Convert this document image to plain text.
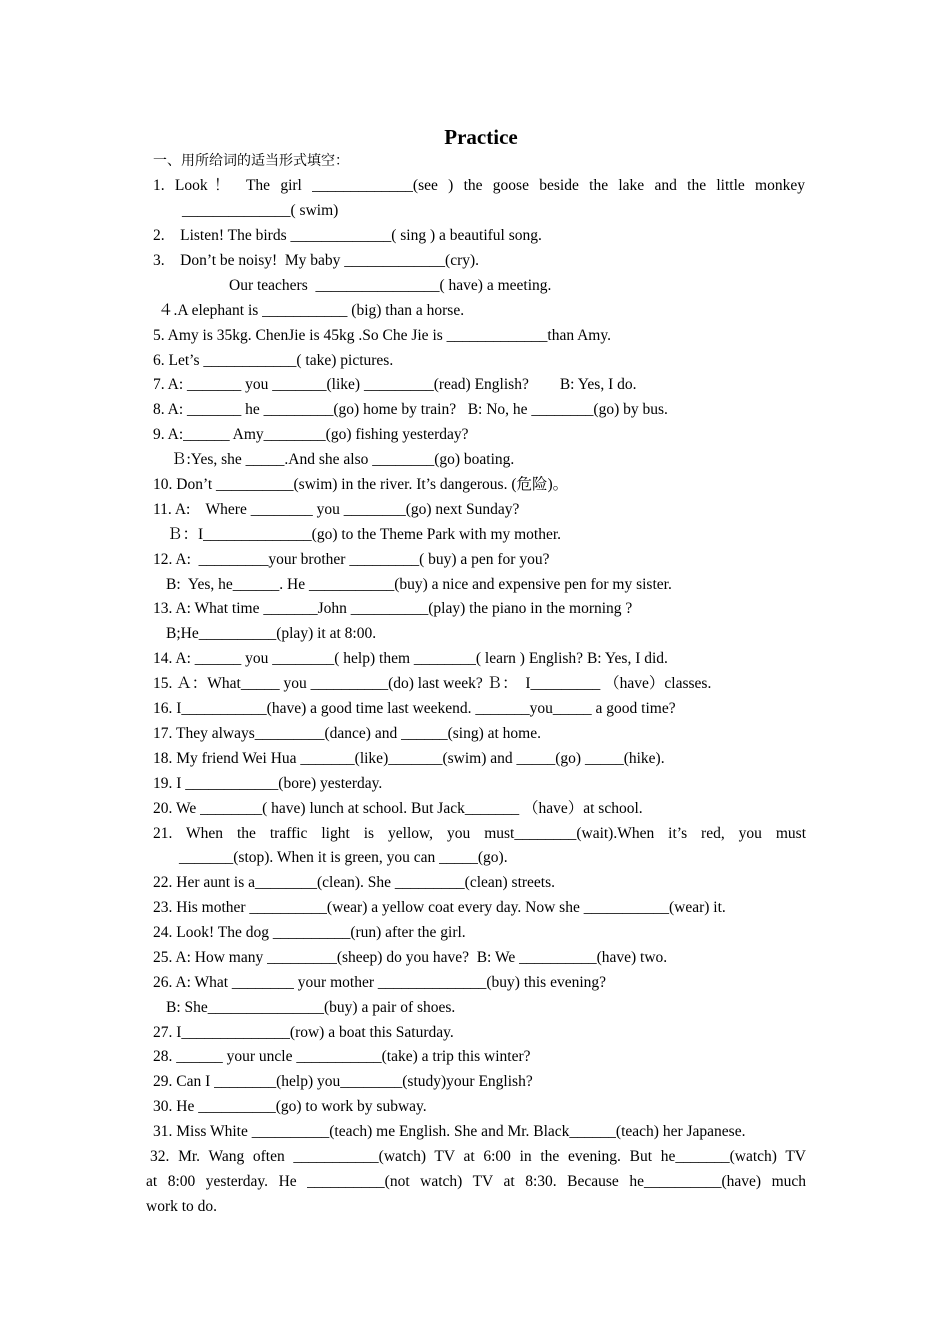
Practice

一、用所给词的适当形式填空：

1. Look！ The girl _____________(see ) the goose beside the lake and the little monkey

______________( swim)

2.    Listen! The birds _____________( sing ) a beautiful song.

3.    Don’t be noisy!  My baby _____________(cry).

Our teachers  ________________( have) a meeting.

４.A elephant is ___________ (big) than a horse.

5. Amy is 35kg. ChenJie is 45kg .So Che Jie is _____________than Amy.

6. Let’s ____________( take) pictures.

7. A: _______ you _______(like) _________(read) English?        B: Yes, I do.

8. A: _______ he _________(go) home by train?   B: No, he ________(go) by bus.

9. A:______ Amy________(go) fishing yesterday?

Ｂ:Yes, she _____.And she also ________(go) boating.

10. Don’t __________(swim) in the river. It’s dangerous. (危险)。

11. A:    Where ________ you ________(go) next Sunday?

Ｂ：I______________(go) to the Theme Park with my mother.

12. A:  _________your brother _________( buy) a pen for you?

B:  Yes, he______. He ___________(buy) a nice and expensive pen for my sister.

13. A: What time _______John __________(play) the piano in the morning ?

B;He__________(play) it at 8:00.

14. A: ______ you ________( help) them ________( learn ) English? B: Yes, I did.

15. Ａ：What_____ you __________(do) last week? Ｂ：  I_________ （have）classes.

16. I___________(have) a good time last weekend. _______you_____ a good time?

17. They always_________(dance) and ______(sing) at home.

18. My friend Wei Hua _______(like)_______(swim) and _____(go) _____(hike).

19. I ____________(bore) yesterday.

20. We ________( have) lunch at school. But Jack_______ （have）at school.

21. When the traffic light is yellow, you must________(wait).When it’s red, you must

_______(stop). When it is green, you can _____(go).

22. Her aunt is a________(clean). She _________(clean) streets.

23. His mother __________(wear) a yellow coat every day. Now she ___________(wear) it.

24. Look! The dog __________(run) after the girl.

25. A: How many _________(sheep) do you have?  B: We __________(have) two.

26. A: What ________ your mother ______________(buy) this evening?

B: She_______________(buy) a pair of shoes.

27. I______________(row) a boat this Saturday.

28. ______ your uncle ___________(take) a trip this winter?

29. Can I ________(help) you________(study)your English?

30. He __________(go) to work by subway.

31. Miss White __________(teach) me English. She and Mr. Black______(teach) her Japanese.

32. Mr. Wang often ___________(watch) TV at 6:00 in the evening. But he_______(watch) TV

at 8:00 yesterday. He __________(not watch) TV at 8:30. Because he__________(have) much

work to do.
